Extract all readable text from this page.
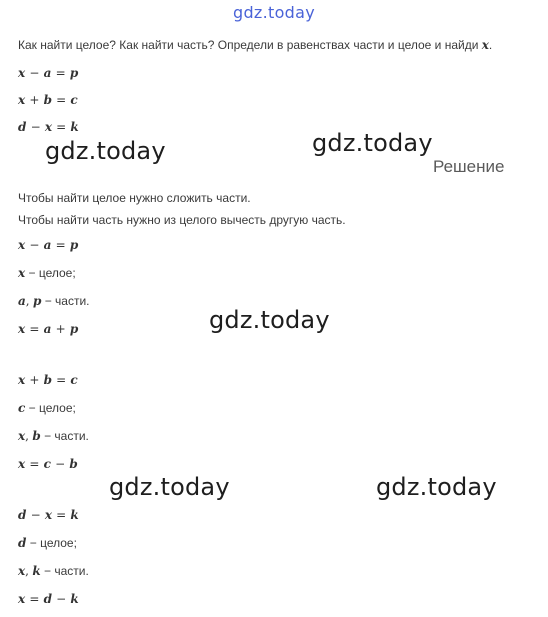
gdz.today
Как найти целое? Как найти часть? Определи в равенствах части и целое и найди x.
x − a = p
x + b = c
d − x = k
gdz.today	gdz.today
Решение
Чтобы найти целое нужно сложить части.
Чтобы найти часть нужно из целого вычесть другую часть.
x − a = p
x − целое;
a, p − части.
x = a + p	gdz.today
x + b = c
c − целое;
x, b − части.
x = c − b
gdz.today	gdz.today
d − x = k
d − целое;
x, k − части.
x = d − k
